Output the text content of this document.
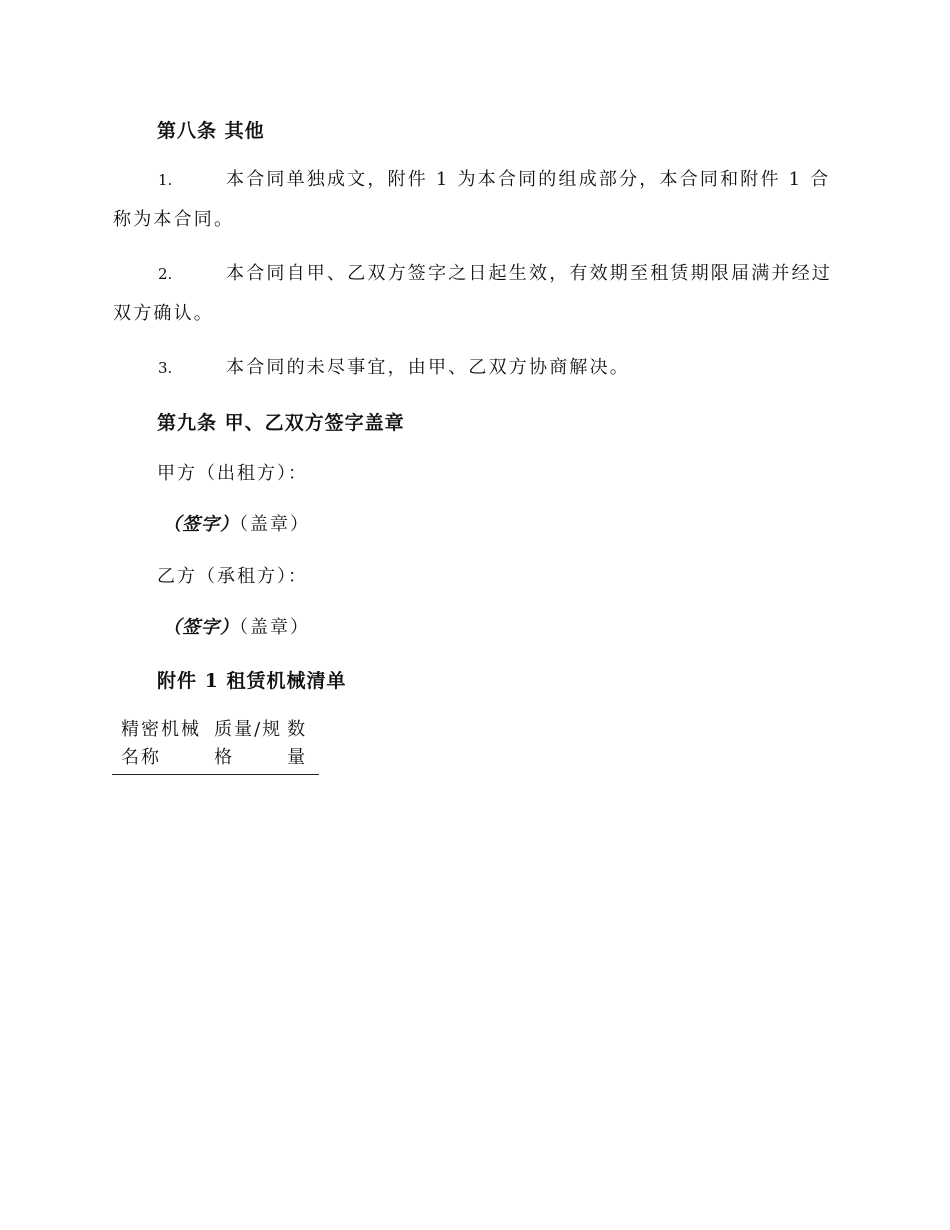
第八条 其他
1.	本合同单独成文，附件 1 为本合同的组成部分，本合同和附件 1 合称为本合同。
2.	本合同自甲、乙双方签字之日起生效，有效期至租赁期限届满并经过双方确认。
3.	本合同的未尽事宜，由甲、乙双方协商解决。
第九条 甲、乙双方签字盖章
甲方（出租方）：
（签字）（盖章）
乙方（承租方）：
（签字）（盖章）
附件 1 租赁机械清单
精密机械名称	质量/规格	数量
